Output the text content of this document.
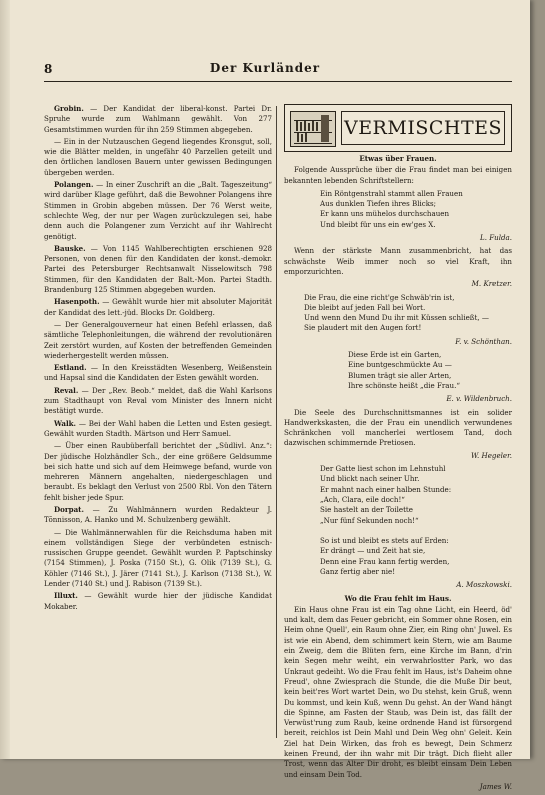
8	Der Kurländer

Grobin. — Der Kandidat der liberal-konst. Partei Dr. Spruhe wurde zum Wahlmann gewählt. Von 277 Gesamtstimmen wurden für ihn 259 Stimmen abgegeben.

— Ein in der Nutzauschen Gegend liegendes Kronsgut, soll, wie die Blätter melden, in ungefähr 40 Parzellen geteilt und den örtlichen landlosen Bauern unter gewissen Bedingungen übergeben werden.

Polangen. — In einer Zuschrift an die „Balt. Tageszeitung“ wird darüber Klage geführt, daß die Bewohner Polangens ihre Stimmen in Grobin abgeben müssen. Der 76 Werst weite, schlechte Weg, der nur per Wagen zurückzulegen sei, habe denn auch die Polangener zum Verzicht auf ihr Wahlrecht genötigt.

Bauske. — Von 1145 Wahlberechtigten erschienen 928 Personen, von denen für den Kandidaten der konst.-demokr. Partei des Petersburger Rechtsanwalt Nisselowitsch 798 Stimmen, für den Kandidaten der Balt.-Mon. Partei Stadth. Brandenburg 125 Stimmen abgegeben wurden.

Hasenpoth. — Gewählt wurde hier mit absoluter Majorität der Kandidat des lett.-jüd. Blocks Dr. Goldberg.

— Der Generalgouverneur hat einen Befehl erlassen, daß sämtliche Telephonleitungen, die während der revolutionären Zeit zerstört wurden, auf Kosten der betreffenden Gemeinden wiederhergestellt werden müssen.

Estland. — In den Kreisstädten Wesenberg, Weißenstein und Hapsal sind die Kandidaten der Esten gewählt worden.

Reval. — Der „Rev. Beob.“ meldet, daß die Wahl Karlsons zum Stadthaupt von Reval vom Minister des Innern nicht bestätigt wurde.

Walk. — Bei der Wahl haben die Letten und Esten gesiegt. Gewählt wurden Stadth. Märtson und Herr Samuel.

— Über einen Raubüberfall berichtet der „Südlivl. Anz.“: Der jüdische Holzhändler Sch., der eine größere Geldsumme bei sich hatte und sich auf dem Heimwege befand, wurde von mehreren Männern angehalten, niedergeschlagen und beraubt. Es beklagt den Verlust von 2500 Rbl. Von den Tätern fehlt bisher jede Spur.

Dorpat. — Zu Wahlmännern wurden Redakteur J. Tõnnisson, A. Hanko und M. Schulzenberg gewählt.

— Die Wahlmännerwahlen für die Reichsduma haben mit einem vollständigen Siege der verbündeten estnisch-russischen Gruppe geendet. Gewählt wurden P. Paptschinsky (7154 Stimmen), J. Poska (7150 St.), G. Olik (7139 St.), G. Köhler (7146 St.), J. Järer (7141 St.), J. Karlson (7138 St.), W. Lender (7140 St.) und J. Rabison (7139 St.).

Illuxt. — Gewählt wurde hier der jüdische Kandidat Mokaber.

VERMISCHTES
Etwas über Frauen.

Folgende Aussprüche über die Frau findet man bei einigen bekannten lebenden Schriftstellern:

Ein Röntgenstrahl stammt allen Frauen
Aus dunklen Tiefen ihres Blicks;
Er kann uns mühelos durchschauen
Und bleibt für uns ein ew'ges X.
L. Fulda.

Wenn der stärkste Mann zusammenbricht, hat das schwächste Weib immer noch so viel Kraft, ihn emporzurichten.

M. Kretzer.
Die Frau, die eine richt'ge Schwäb'rin ist,
Die bleibt auf jeden Fall bei Wort.
Und wenn den Mund Du ihr mit Küssen schließt, —
Sie plaudert mit den Augen fort!
F. v. Schönthan.
Diese Erde ist ein Garten,
Eine buntgeschmückte Au —
Blumen trägt sie aller Arten,
Ihre schönste heißt „die Frau.“
E. v. Wildenbruch.

Die Seele des Durchschnittsmannes ist ein solider Handwerkskasten, die der Frau ein unendlich verwundenes Schränkchen voll mancherlei wertlosem Tand, doch dazwischen schimmernde Pretiosen.

W. Hegeler.
Der Gatte liest schon im Lehnstuhl
Und blickt nach seiner Uhr.
Er mahnt nach einer halben Stunde:
„Ach, Clara, eile doch!“
Sie hastelt an der Toilette
„Nur fünf Sekunden noch!“

So ist und bleibt es stets auf Erden:
Er drängt — und Zeit hat sie,
Denn eine Frau kann fertig werden,
Ganz fertig aber nie!
A. Moszkowski.
Wo die Frau fehlt im Haus.

Ein Haus ohne Frau ist ein Tag ohne Licht, ein Heerd, öd' und kalt, dem das Feuer gebricht, ein Sommer ohne Rosen, ein Heim ohne Quell', ein Raum ohne Zier, ein Ring ohn' Juwel. Es ist wie ein Abend, dem schimmert kein Stern, wie am Baume ein Zweig, dem die Blüten fern, eine Kirche im Bann, d'rin kein Segen mehr weiht, ein verwahrlostter Park, wo das Unkraut gedeiht. Wo die Frau fehlt im Haus, ist's Daheim ohne Freud', ohne Zwiesprach die Stunde, die die Muße Dir beut, kein beit'res Wort wartet Dein, wo Du stehst, kein Gruß, wenn Du kommst, und kein Kuß, wenn Du gehst. An der Wand hängt die Spinne, am Fasten der Staub, was Dein ist, das fällt der Verwüst'rung zum Raub, keine ordnende Hand ist fürsorgend bereit, reichlos ist Dein Mahl und Dein Weg ohn' Geleit. Kein Ziel hat Dein Wirken, das froh es bewegt, Dein Schmerz keinen Freund, der ihn wahr mit Dir trägt. Dich flieht aller Trost, wenn das Alter Dir droht, es bleibt einsam Dein Leben und einsam Dein Tod.

James W.
